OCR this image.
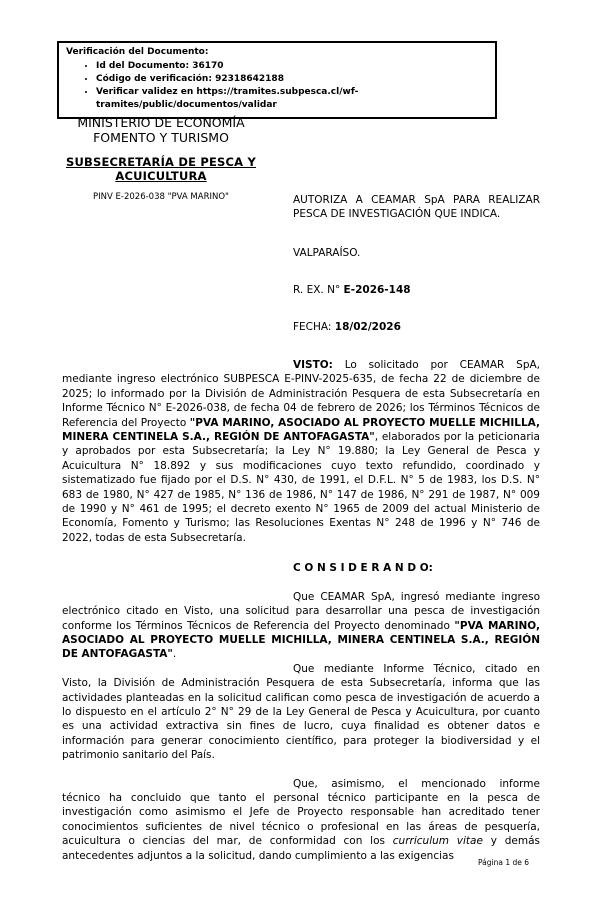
Verificación del Documento:
• Id del Documento: 36170
• Código de verificación: 92318642188
• Verificar validez en https://tramites.subpesca.cl/wf-tramites/public/documentos/validar
MINISTERIO DE ECONOMÍA
FOMENTO Y TURISMO
SUBSECRETARÍA DE PESCA Y ACUICULTURA
PINV E-2026-038 "PVA MARINO"	AUTORIZA A CEAMAR SpA PARA REALIZAR PESCA DE INVESTIGACIÓN QUE INDICA.
VALPARAÍSO.
R. EX. N° E-2026-148
FECHA: 18/02/2026

VISTO: Lo solicitado por CEAMAR SpA, mediante ingreso electrónico SUBPESCA E-PINV-2025-635, de fecha 22 de diciembre de 2025; lo informado por la División de Administración Pesquera de esta Subsecretaría en Informe Técnico N° E-2026-038, de fecha 04 de febrero de 2026; los Términos Técnicos de Referencia del Proyecto "PVA MARINO, ASOCIADO AL PROYECTO MUELLE MICHILLA, MINERA CENTINELA S.A., REGIÓN DE ANTOFAGASTA", elaborados por la peticionaria y aprobados por esta Subsecretaría; la Ley N° 19.880; la Ley General de Pesca y Acuicultura N° 18.892 y sus modificaciones cuyo texto refundido, coordinado y sistematizado fue fijado por el D.S. N° 430, de 1991, el D.F.L. N° 5 de 1983, los D.S. N° 683 de 1980, N° 427 de 1985, N° 136 de 1986, N° 147 de 1986, N° 291 de 1987, N° 009 de 1990 y N° 461 de 1995; el decreto exento N° 1965 de 2009 del actual Ministerio de Economía, Fomento y Turismo; las Resoluciones Exentas N° 248 de 1996 y N° 746 de 2022, todas de esta Subsecretaría.

C O N S I D E R A N D O:

Que CEAMAR SpA, ingresó mediante ingreso electrónico citado en Visto, una solicitud para desarrollar una pesca de investigación conforme los Términos Técnicos de Referencia del Proyecto denominado "PVA MARINO, ASOCIADO AL PROYECTO MUELLE MICHILLA, MINERA CENTINELA S.A., REGIÓN DE ANTOFAGASTA".

Que mediante Informe Técnico, citado en Visto, la División de Administración Pesquera de esta Subsecretaría, informa que las actividades planteadas en la solicitud califican como pesca de investigación de acuerdo a lo dispuesto en el artículo 2° N° 29 de la Ley General de Pesca y Acuicultura, por cuanto es una actividad extractiva sin fines de lucro, cuya finalidad es obtener datos e información para generar conocimiento científico, para proteger la biodiversidad y el patrimonio sanitario del País.

Que, asimismo, el mencionado informe técnico ha concluido que tanto el personal técnico participante en la pesca de investigación como asimismo el Jefe de Proyecto responsable han acreditado tener conocimientos suficientes de nivel técnico o profesional en las áreas de pesquería, acuicultura o ciencias del mar, de conformidad con los curriculum vitae y demás antecedentes adjuntos a la solicitud, dando cumplimiento a las exigencias

Página 1 de 6
